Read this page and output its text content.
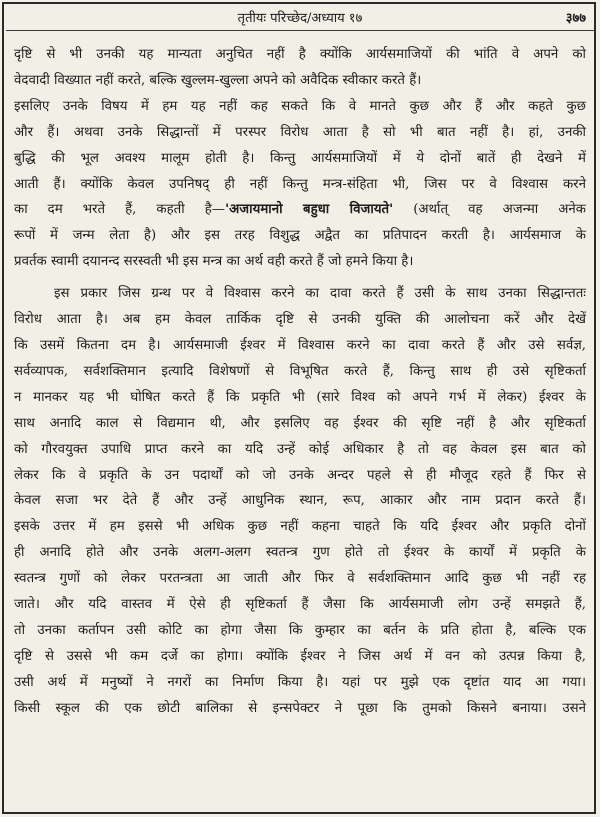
तृतीयः परिच्छेद/अध्याय १७	३७७
दृष्टि से भी उनकी यह मान्यता अनुचित नहीं है क्योंकि आर्यसमाजियों की भांति वे अपने को
वेदवादी विख्यात नहीं करते, बल्कि खुल्लम-खुल्ला अपने को अवैदिक स्वीकार करते हैं।
इसलिए उनके विषय में हम यह नहीं कह सकते कि वे मानते कुछ और हैं और कहते कुछ
और हैं। अथवा उनके सिद्धान्तों में परस्पर विरोध आता है सो भी बात नहीं है। हां, उनकी
बुद्धि की भूल अवश्य मालूम होती है। किन्तु आर्यसमाजियों में ये दोनों बातें ही देखने में
आती हैं। क्योंकि केवल उपनिषद् ही नहीं किन्तु मन्त्र-संहिता भी, जिस पर वे विश्वास करने
का दम भरते हैं, कहती है—'अजायमानो बहुधा विजायते' (अर्थात् वह अजन्मा अनेक
रूपों में जन्म लेता है) और इस तरह विशुद्ध अद्वैत का प्रतिपादन करती है। आर्यसमाज के
प्रवर्तक स्वामी दयानन्द सरस्वती भी इस मन्त्र का अर्थ वही करते हैं जो हमने किया है।
इस प्रकार जिस ग्रन्थ पर वे विश्वास करने का दावा करते हैं उसी के साथ उनका सिद्धान्ततः
विरोध आता है। अब हम केवल तार्किक दृष्टि से उनकी युक्ति की आलोचना करें और देखें
कि उसमें कितना दम है। आर्यसमाजी ईश्वर में विश्वास करने का दावा करते हैं और उसे सर्वज्ञ,
सर्वव्यापक, सर्वशक्तिमान इत्यादि विशेषणों से विभूषित करते हैं, किन्तु साथ ही उसे सृष्टिकर्ता
न मानकर यह भी घोषित करते हैं कि प्रकृति भी (सारे विश्व को अपने गर्भ में लेकर) ईश्वर के
साथ अनादि काल से विद्यमान थी, और इसलिए वह ईश्वर की सृष्टि नहीं है और सृष्टिकर्ता
को गौरवयुक्त उपाधि प्राप्त करने का यदि उन्हें कोई अधिकार है तो वह केवल इस बात को
लेकर कि वे प्रकृति के उन पदार्थों को जो उनके अन्दर पहले से ही मौजूद रहते हैं फिर से
केवल सजा भर देते हैं और उन्हें आधुनिक स्थान, रूप, आकार और नाम प्रदान करते हैं।
इसके उत्तर में हम इससे भी अधिक कुछ नहीं कहना चाहते कि यदि ईश्वर और प्रकृति दोनों
ही अनादि होते और उनके अलग-अलग स्वतन्त्र गुण होते तो ईश्वर के कार्यों में प्रकृति के
स्वतन्त्र गुणों को लेकर परतन्त्रता आ जाती और फिर वे सर्वशक्तिमान आदि कुछ भी नहीं रह
जाते। और यदि वास्तव में ऐसे ही सृष्टिकर्ता हैं जैसा कि आर्यसमाजी लोग उन्हें समझते हैं,
तो उनका कर्तापन उसी कोटि का होगा जैसा कि कुम्हार का बर्तन के प्रति होता है, बल्कि एक
दृष्टि से उससे भी कम दर्जे का होगा। क्योंकि ईश्वर ने जिस अर्थ में वन को उत्पन्न किया है,
उसी अर्थ में मनुष्यों ने नगरों का निर्माण किया है। यहां पर मुझे एक दृष्टांत याद आ गया।
किसी स्कूल की एक छोटी बालिका से इन्सपेक्टर ने पूछा कि तुमको किसने बनाया। उसने
